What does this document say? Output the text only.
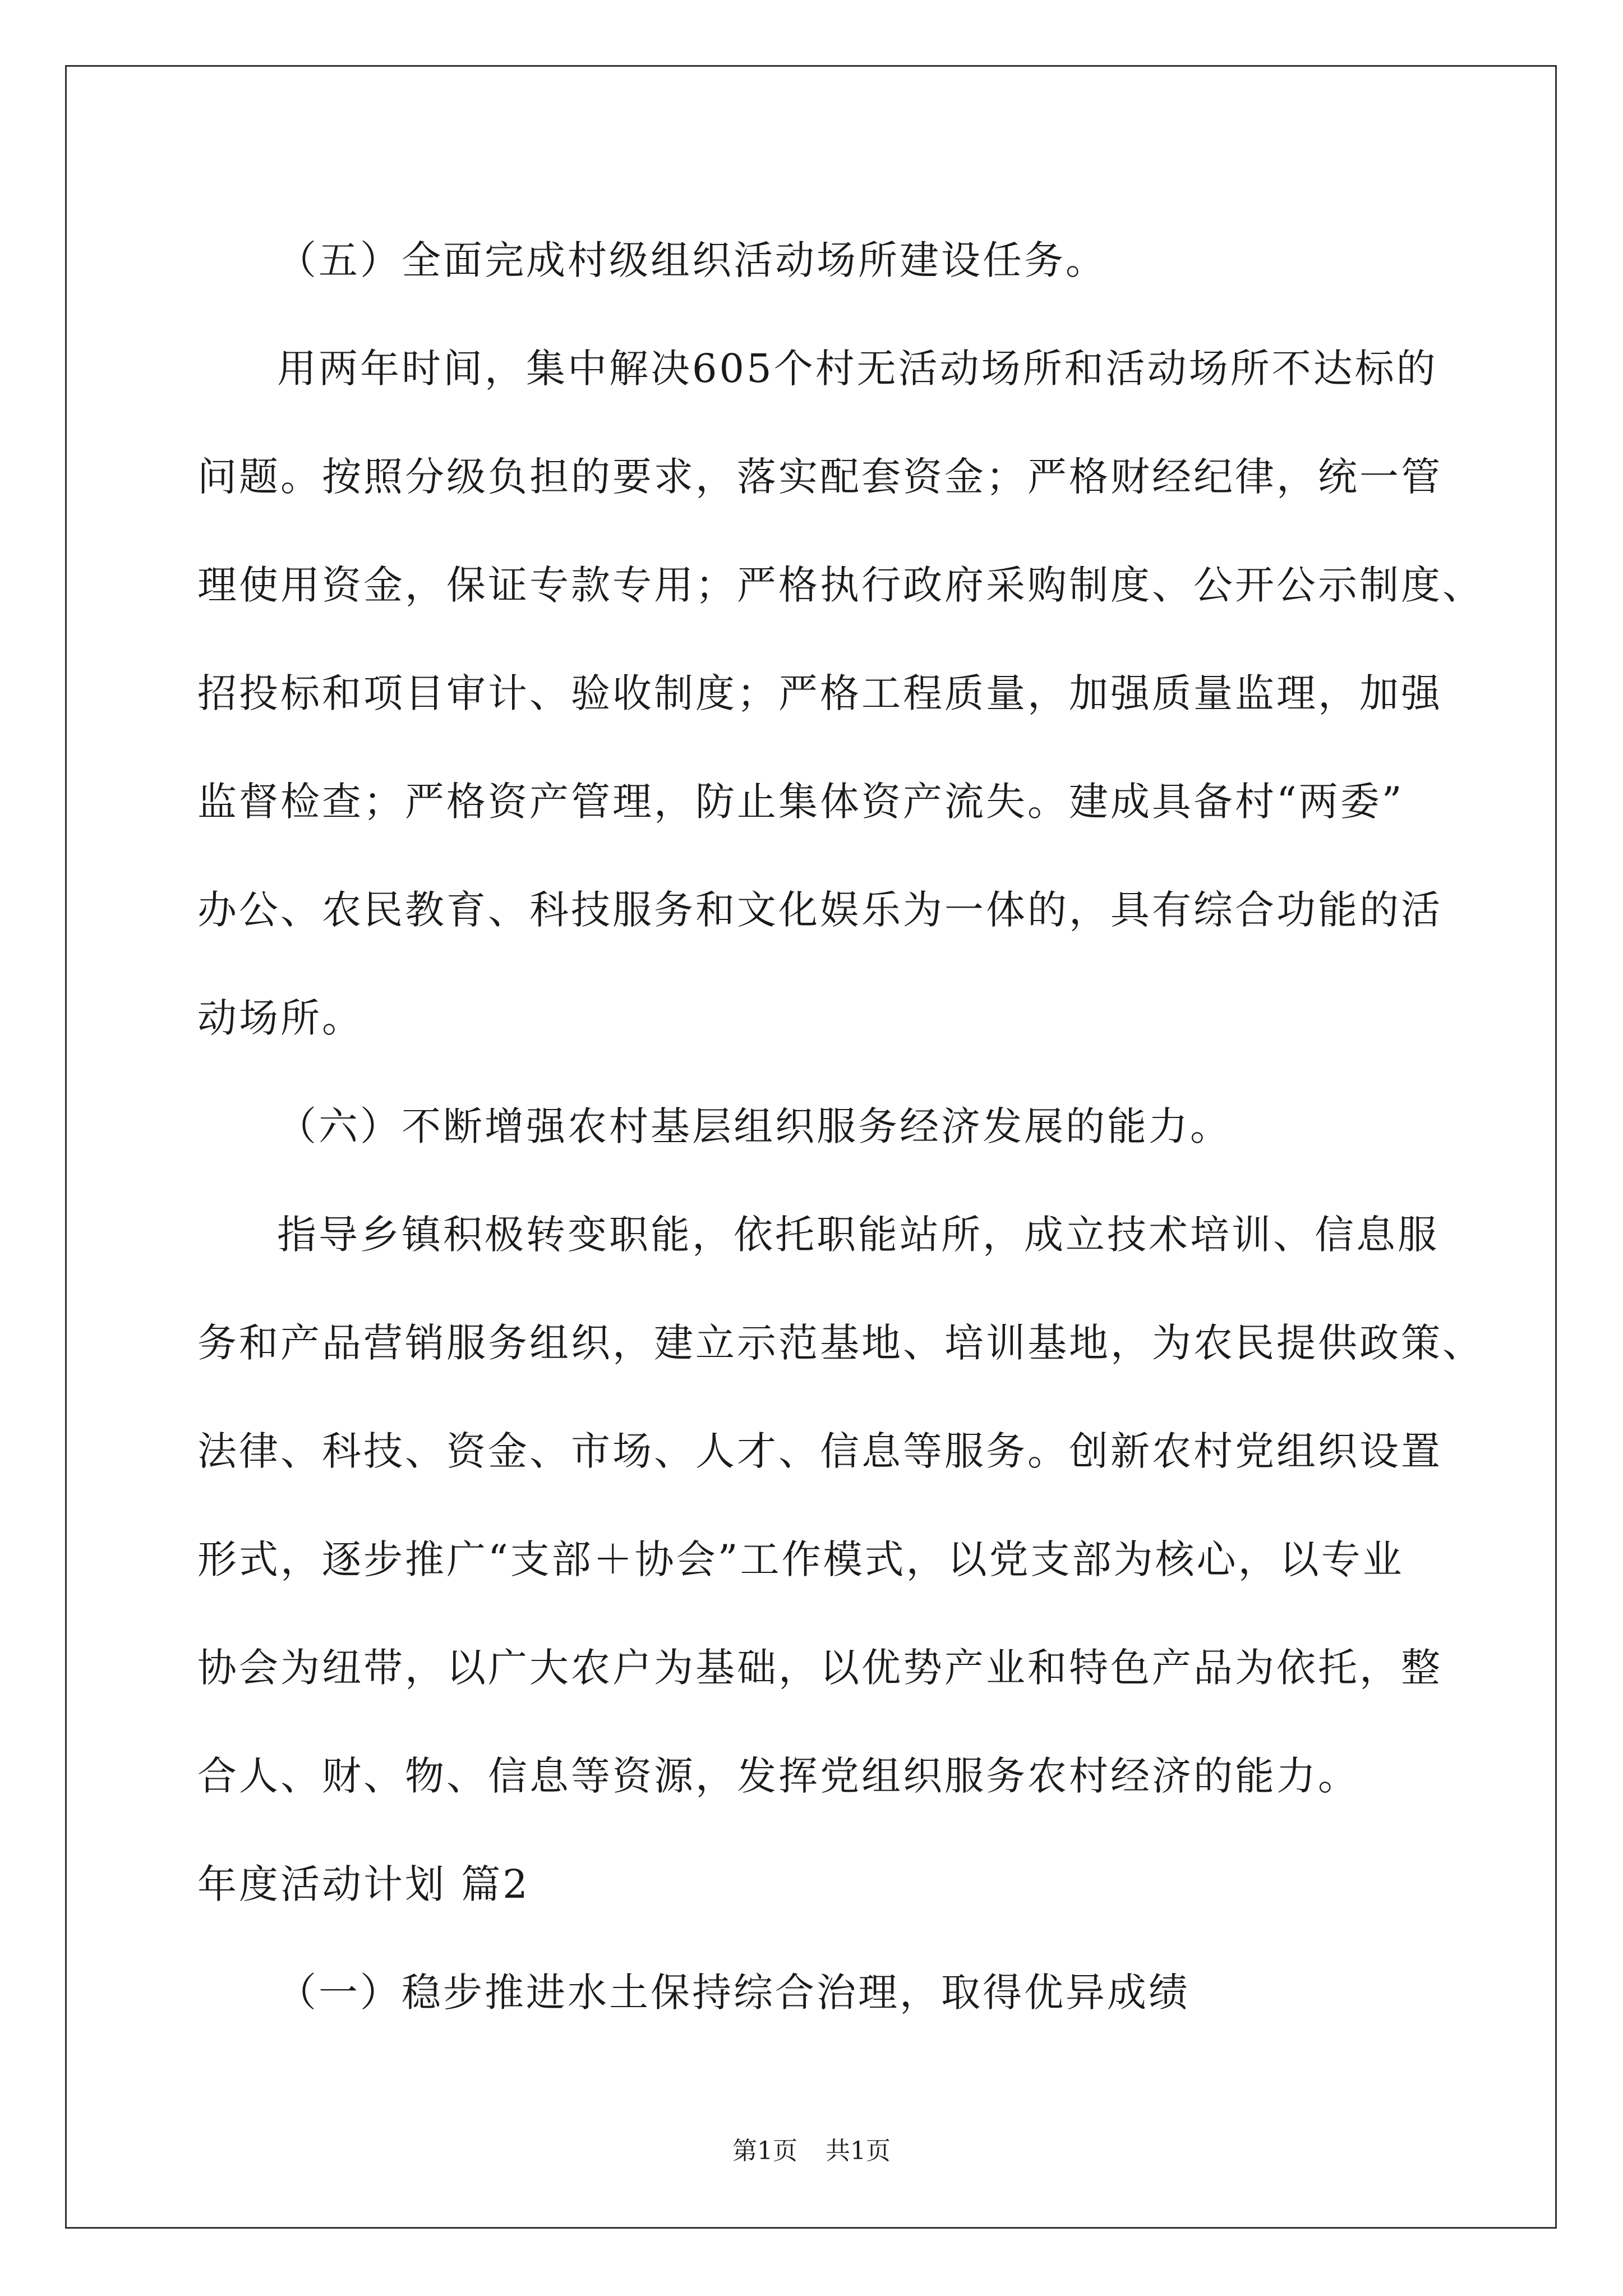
（五）全面完成村级组织活动场所建设任务。

用两年时间，集中解决605个村无活动场所和活动场所不达标的

问题。按照分级负担的要求，落实配套资金；严格财经纪律，统一管

理使用资金，保证专款专用；严格执行政府采购制度、公开公示制度、

招投标和项目审计、验收制度；严格工程质量，加强质量监理，加强

监督检查；严格资产管理，防止集体资产流失。建成具备村“两委”

办公、农民教育、科技服务和文化娱乐为一体的，具有综合功能的活

动场所。

（六）不断增强农村基层组织服务经济发展的能力。

指导乡镇积极转变职能，依托职能站所，成立技术培训、信息服

务和产品营销服务组织，建立示范基地、培训基地，为农民提供政策、

法律、科技、资金、市场、人才、信息等服务。创新农村党组织设置

形式，逐步推广“支部＋协会”工作模式，以党支部为核心，以专业

协会为纽带，以广大农户为基础，以优势产业和特色产品为依托，整

合人、财、物、信息等资源，发挥党组织服务农村经济的能力。

年度活动计划 篇2

（一）稳步推进水土保持综合治理，取得优异成绩

第1页 共1页
